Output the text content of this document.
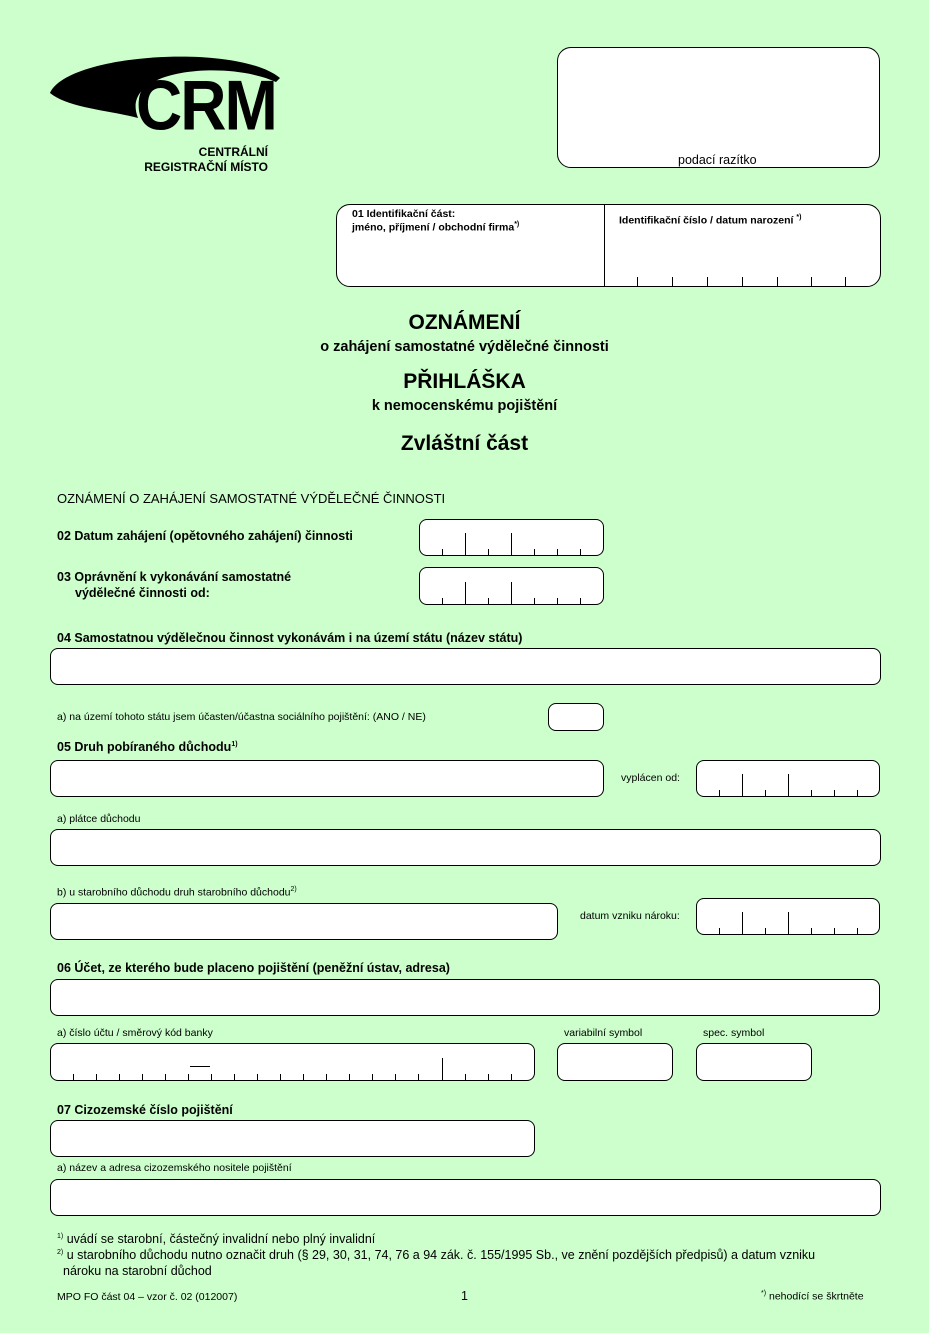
CRM
CENTRÁLNÍ
REGISTRAČNÍ MÍSTO	podací razítko
01 Identifikační část:
jméno, příjmení / obchodní firma*)	Identifikační číslo / datum narození *)
OZNÁMENÍ
o zahájení samostatné výdělečné činnosti
PŘIHLÁŠKA
k nemocenskému pojištění
Zvláštní část
OZNÁMENÍ O ZAHÁJENÍ SAMOSTATNÉ VÝDĚLEČNÉ ČINNOSTI
02 Datum zahájení (opětovného zahájení) činnosti
03 Oprávnění k vykonávání samostatné
výdělečné činnosti od:
04 Samostatnou výdělečnou činnost vykonávám i na území státu (název státu)
a) na území tohoto státu jsem účasten/účastna sociálního pojištění: (ANO / NE)
05 Druh pobíraného důchodu$^{1)}$
vyplácen od:
a) plátce důchodu
b) u starobního důchodu druh starobního důchodu$^{2)}$
datum vzniku nároku:
06 Účet, ze kterého bude placeno pojištění (peněžní ústav, adresa)
a) číslo účtu / směrový kód banky	variabilní symbol	spec. symbol
07 Cizozemské číslo pojištění
a) název a adresa cizozemského nositele pojištění
$^{1)}$ uvádí se starobní, částečný invalidní nebo plný invalidní
$^{2)}$ u starobního důchodu nutno označit druh (§ 29, 30, 31, 74, 76 a 94 zák. č. 155/1995 Sb., ve znění pozdějších předpisů) a datum vzniku
nároku na starobní důchod
MPO FO část 04 – vzor č. 02 (012007)	1	*) nehodící se škrtněte
